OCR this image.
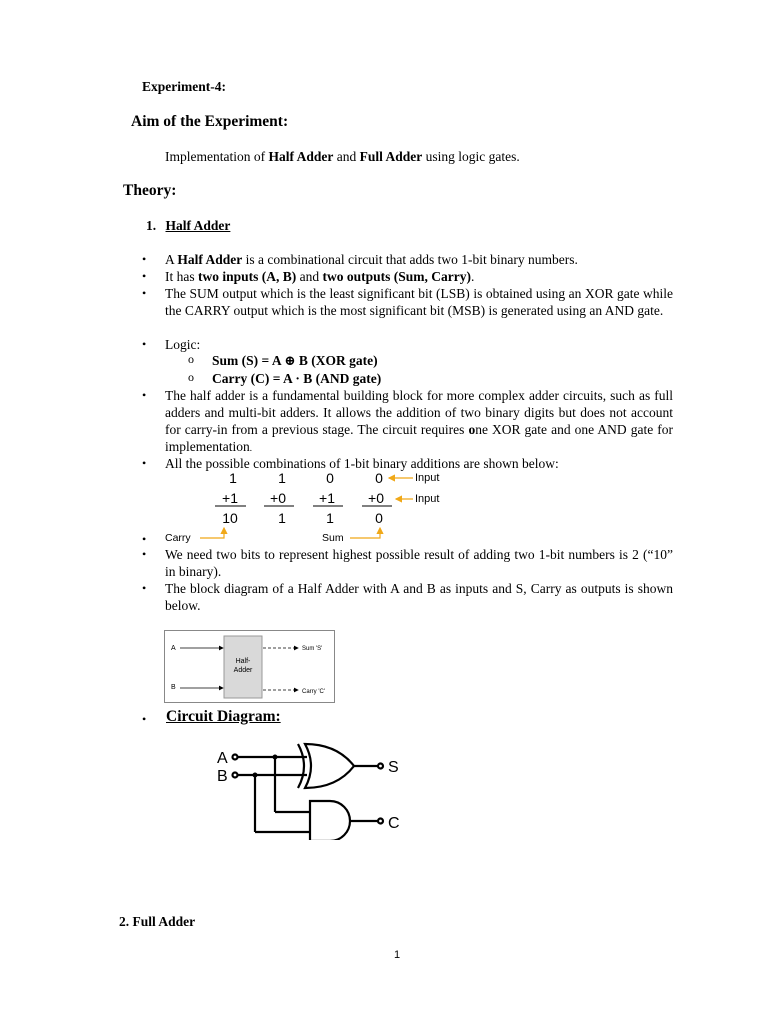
Experiment-4:
Aim of the Experiment:
Implementation of Half Adder and Full Adder using logic gates.
Theory:
1. Half Adder
• A Half Adder is a combinational circuit that adds two 1-bit binary numbers.
• It has two inputs (A, B) and two outputs (Sum, Carry).
• The SUM output which is the least significant bit (LSB) is obtained using an XOR gate while the CARRY output which is the most significant bit (MSB) is generated using an AND gate.
• Logic:
o Sum (S) = A ⊕ B (XOR gate)
o Carry (C) = A · B (AND gate)
• The half adder is a fundamental building block for more complex adder circuits, such as full adders and multi-bit adders. It allows the addition of two binary digits but does not account for carry-in from a previous stage. The circuit requires one XOR gate and one AND gate for implementation.
• All the possible combinations of 1-bit binary additions are shown below:
1	1	0	0
+1 +0 +1 +0
10	1	1	0
Input
Input
Carry	Sum
•
• We need two bits to represent highest possible result of adding two 1-bit numbers is 2 (“10” in binary).
• The block diagram of a Half Adder with A and B as inputs and S, Carry as outputs is shown below.
Half-
Adder
A
B
Sum 'S'
Carry 'C'
•	Circuit Diagram:
A
B
S
C
2. Full Adder
1
